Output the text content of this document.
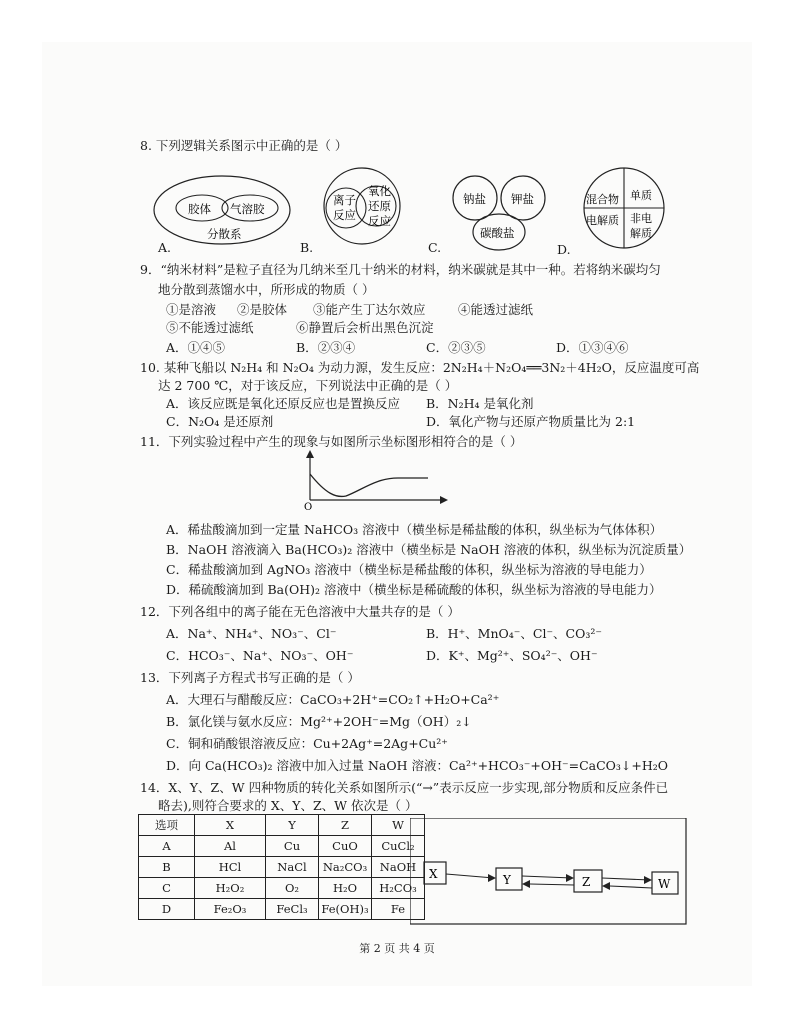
8. 下列逻辑关系图示中正确的是（ ）
胶体 气溶胶
分散系
A.
离子
反应
氧化
还原
反应
B.
钠盐 钾盐
碳酸盐
C.
混合物 单质
电解质 非电
解质
D.
9．“纳米材料”是粒子直径为几纳米至几十纳米的材料，纳米碳就是其中一种。若将纳米碳均匀
地分散到蒸馏水中，所形成的物质（ ）
①是溶液 ②是胶体 ③能产生丁达尔效应	④能透过滤纸
⑤不能透过滤纸	⑥静置后会析出黑色沉淀
A．①④⑤	B．②③④	C．②③⑤	D．①③④⑥
10. 某种飞船以 N₂H₄ 和 N₂O₄ 为动力源，发生反应：2N₂H₄＋N₂O₄══3N₂＋4H₂O，反应温度可高
达 2 700 ℃，对于该反应，下列说法中正确的是（ ）
A．该反应既是氧化还原反应也是置换反应 B．N₂H₄ 是氧化剂
C．N₂O₄ 是还原剂	D．氧化产物与还原产物质量比为 2:1
11．下列实验过程中产生的现象与如图所示坐标图形相符合的是（ ）
O
A．稀盐酸滴加到一定量 NaHCO₃ 溶液中（横坐标是稀盐酸的体积，纵坐标为气体体积）
B．NaOH 溶液滴入 Ba(HCO₃)₂ 溶液中（横坐标是 NaOH 溶液的体积，纵坐标为沉淀质量）
C．稀盐酸滴加到 AgNO₃ 溶液中（横坐标是稀盐酸的体积，纵坐标为溶液的导电能力）
D．稀硫酸滴加到 Ba(OH)₂ 溶液中（横坐标是稀硫酸的体积，纵坐标为溶液的导电能力）
12．下列各组中的离子能在无色溶液中大量共存的是（ ）
A．Na⁺、NH₄⁺、NO₃⁻、Cl⁻	B．H⁺、MnO₄⁻、Cl⁻、CO₃²⁻
C．HCO₃⁻、Na⁺、NO₃⁻、OH⁻	D．K⁺、Mg²⁺、SO₄²⁻、OH⁻
13．下列离子方程式书写正确的是（ ）
A．大理石与醋酸反应：CaCO₃+2H⁺=CO₂↑+H₂O+Ca²⁺
B．氯化镁与氨水反应：Mg²⁺+2OH⁻=Mg（OH）₂↓
C．铜和硝酸银溶液反应：Cu+2Ag⁺=2Ag+Cu²⁺
D．向 Ca(HCO₃)₂ 溶液中加入过量 NaOH 溶液：Ca²⁺+HCO₃⁻+OH⁻=CaCO₃↓+H₂O
14．X、Y、Z、W 四种物质的转化关系如图所示(“→”表示反应一步实现,部分物质和反应条件已
略去),则符合要求的 X、Y、Z、W 依次是（ ）
选项	X	Y	Z	W
A	Al	Cu	CuO	CuCl₂
B	HCl	NaCl	Na₂CO₃	NaOH
C	H₂O₂	O₂	H₂O	H₂CO₃
D	Fe₂O₃	FeCl₃	Fe(OH)₃	Fe
X	Y	Z	W
第 2 页 共 4 页
